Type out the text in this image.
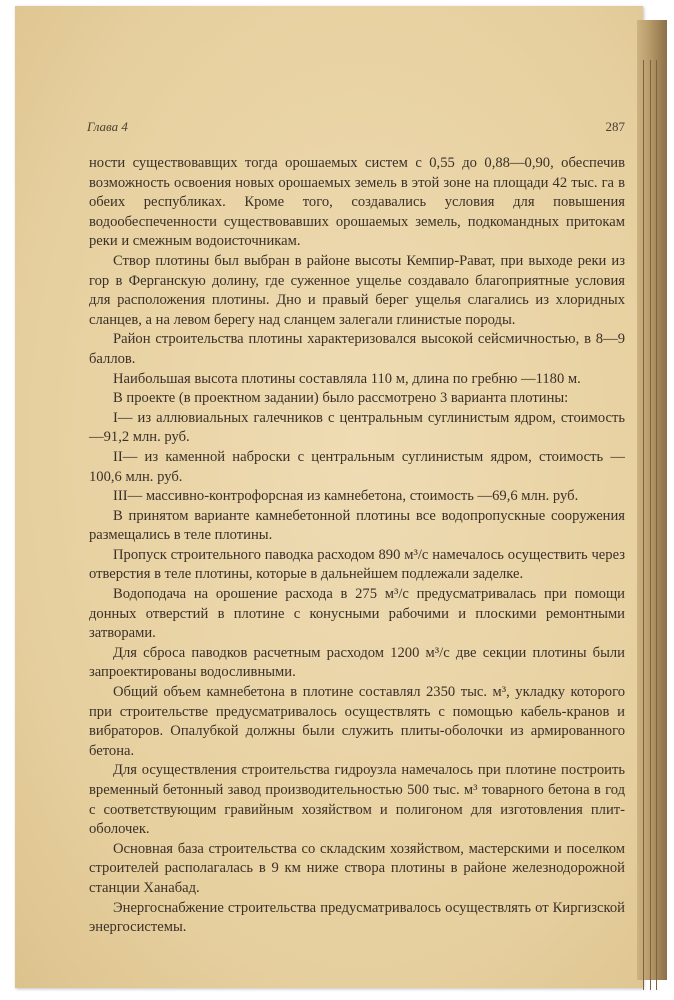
Глава 4	287

ности существовавщих тогда орошаемых систем с 0,55 до 0,88—0,90, обеспечив возможность освоения новых орошаемых земель в этой зоне на площади 42 тыс. га в обеих республиках. Кроме того, создавались условия для повышения водообеспеченности существовавших орошаемых земель, подкомандных притокам реки и смежным водоисточникам.

Створ плотины был выбран в районе высоты Кемпир-Рават, при выходе реки из гор в Ферганскую долину, где суженное ущелье создавало благоприятные условия для расположения плотины. Дно и правый берег ущелья слагались из хлоридных сланцев, а на левом берегу над сланцем залегали глинистые породы.

Район строительства плотины характеризовался высокой сейсмичностью, в 8—9 баллов.

Наибольшая высота плотины составляла 110 м, длина по гребню —1180 м.

В проекте (в проектном задании) было рассмотрено 3 варианта плотины:

I— из аллювиальных галечников с центральным суглинистым ядром, стоимость—91,2 млн. руб.

II— из каменной наброски с центральным суглинистым ядром, стоимость —100,6 млн. руб.

III— массивно-контрофорсная из камнебетона, стоимость —69,6 млн. руб.

В принятом варианте камнебетонной плотины все водопропускные сооружения размещались в теле плотины.

Пропуск строительного паводка расходом 890 м³/с намечалось осуществить через отверстия в теле плотины, которые в дальнейшем подлежали заделке.

Водоподача на орошение расхода в 275 м³/с предусматривалась при помощи донных отверстий в плотине с конусными рабочими и плоскими ремонтными затворами.

Для сброса паводков расчетным расходом 1200 м³/с две секции плотины были запроектированы водосливными.

Общий объем камнебетона в плотине составлял 2350 тыс. м³, укладку которого при строительстве предусматривалось осуществлять с помощью кабель-кранов и вибраторов. Опалубкой должны были служить плиты-оболочки из армированного бетона.

Для осуществления строительства гидроузла намечалось при плотине построить временный бетонный завод производительностью 500 тыс. м³ товарного бетона в год с соответствующим гравийным хозяйством и полигоном для изготовления плит-оболочек.

Основная база строительства со складским хозяйством, мастерскими и поселком строителей располагалась в 9 км ниже створа плотины в районе железнодорожной станции Ханабад.

Энергоснабжение строительства предусматривалось осуществлять от Киргизской энергосистемы.
